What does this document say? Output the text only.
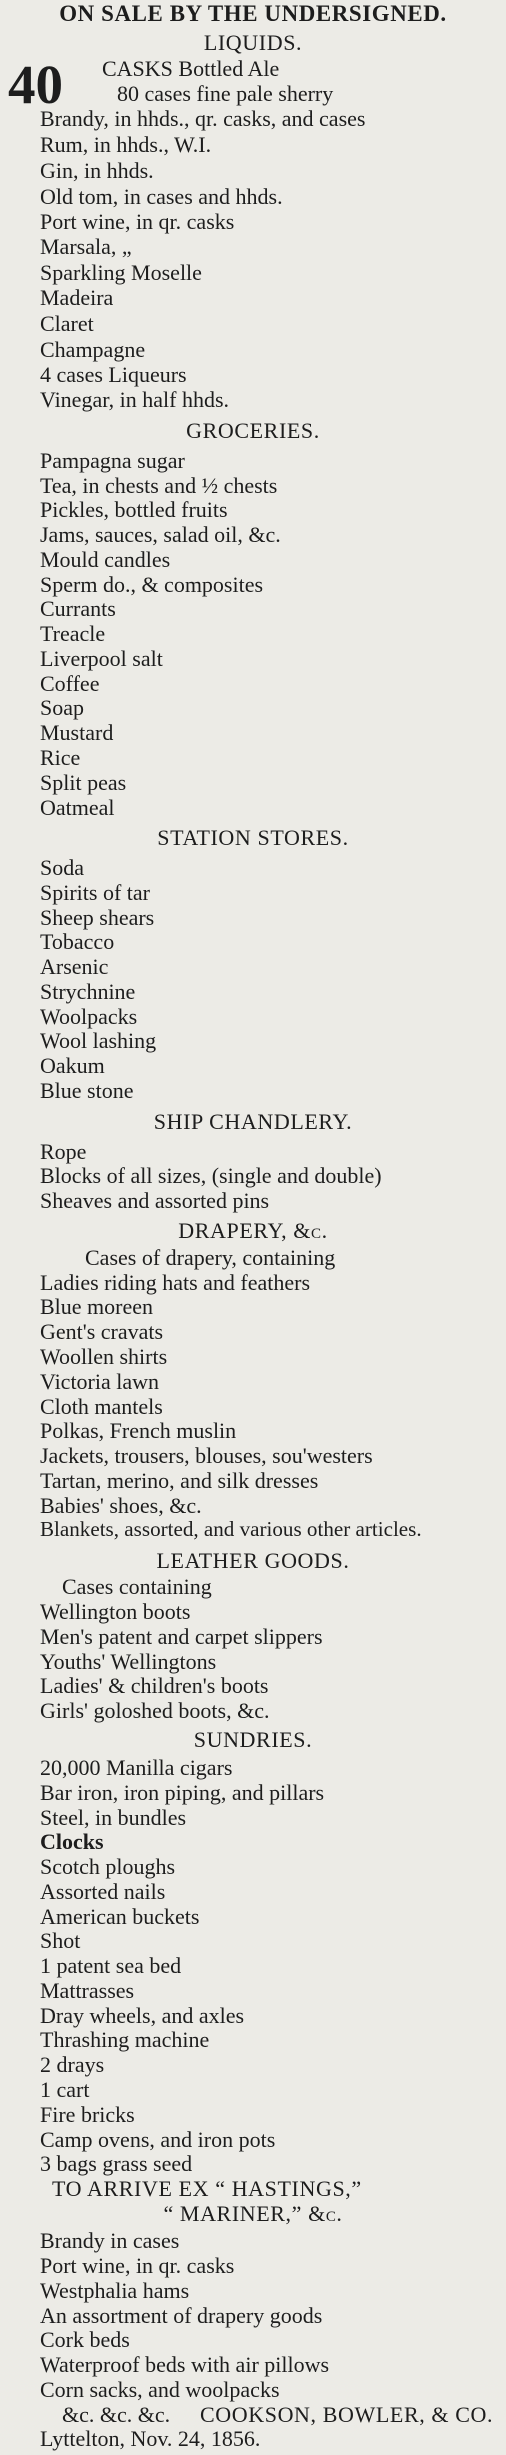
ON SALE BY THE UNDERSIGNED.
LIQUIDS.
40	CASKS Bottled Ale
80 cases fine pale sherry
Brandy, in hhds., qr. casks, and cases
Rum, in hhds., W.I.
Gin, in hhds.
Old tom, in cases and hhds.
Port wine, in qr. casks
Marsala, „
Sparkling Moselle
Madeira
Claret
Champagne
4 cases Liqueurs
Vinegar, in half hhds.
GROCERIES.
Pampagna sugar
Tea, in chests and ½ chests
Pickles, bottled fruits
Jams, sauces, salad oil, &c.
Mould candles
Sperm do., & composites
Currants
Treacle
Liverpool salt
Coffee
Soap
Mustard
Rice
Split peas
Oatmeal
STATION STORES.
Soda
Spirits of tar
Sheep shears
Tobacco
Arsenic
Strychnine
Woolpacks
Wool lashing
Oakum
Blue stone
SHIP CHANDLERY.
Rope
Blocks of all sizes, (single and double)
Sheaves and assorted pins
DRAPERY, &c.
Cases of drapery, containing
Ladies riding hats and feathers
Blue moreen
Gent's cravats
Woollen shirts
Victoria lawn
Cloth mantels
Polkas, French muslin
Jackets, trousers, blouses, sou'westers
Tartan, merino, and silk dresses
Babies' shoes, &c.
Blankets, assorted, and various other articles.
LEATHER GOODS.
Cases containing
Wellington boots
Men's patent and carpet slippers
Youths' Wellingtons
Ladies' & children's boots
Girls' goloshed boots, &c.
SUNDRIES.
20,000 Manilla cigars
Bar iron, iron piping, and pillars
Steel, in bundles
Clocks
Scotch ploughs
Assorted nails
American buckets
Shot
1 patent sea bed
Mattrasses
Dray wheels, and axles
Thrashing machine
2 drays
1 cart
Fire bricks
Camp ovens, and iron pots
3 bags grass seed
TO ARRIVE EX “ HASTINGS,”
“ MARINER,” &c.
Brandy in cases
Port wine, in qr. casks
Westphalia hams
An assortment of drapery goods
Cork beds
Waterproof beds with air pillows
Corn sacks, and woolpacks
&c. &c. &c.	COOKSON, BOWLER, & CO.
Lyttelton, Nov. 24, 1856.
